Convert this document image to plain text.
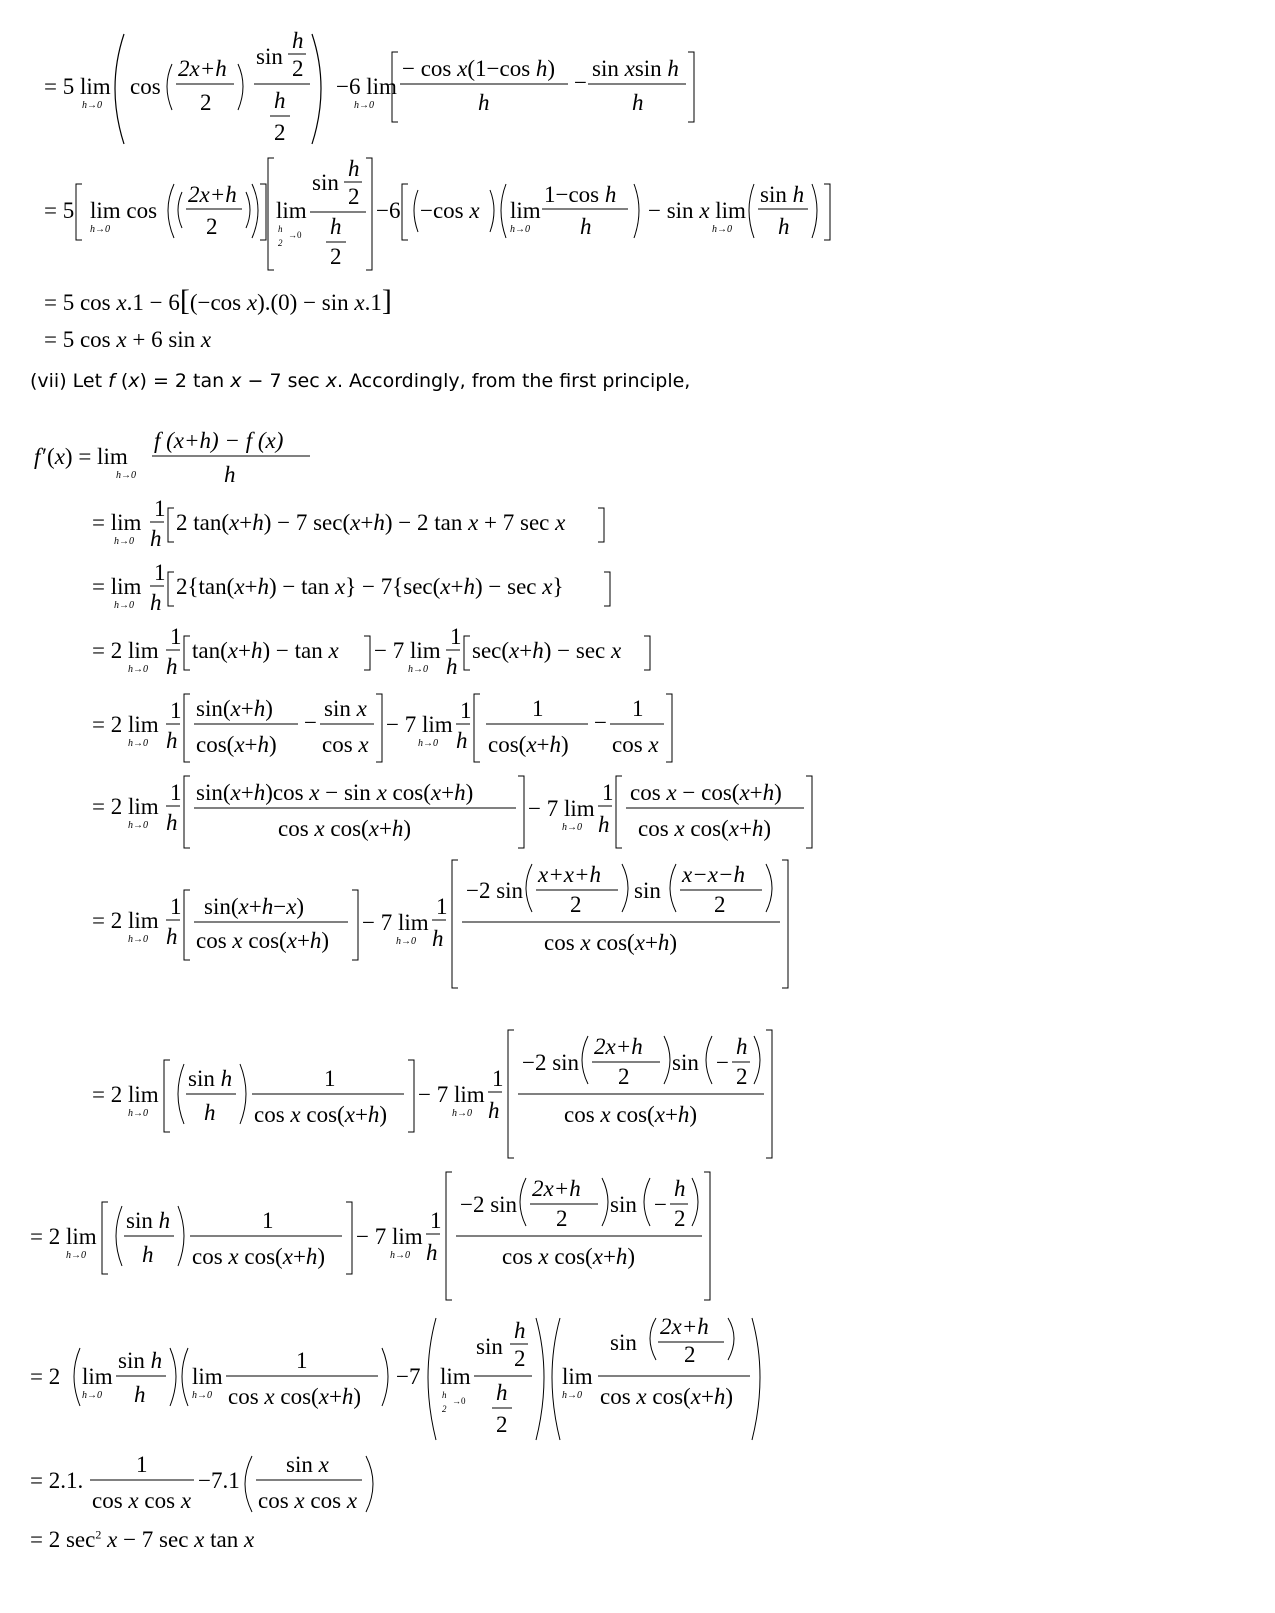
= 5 lim
h→0
cos
2x+h
2
sin
h
2
h
2
−6 lim
h→0
− cos x(1−cos h)
h
−
sin xsin h
h
= 5 lim cos
h→0
2x+h
2
lim
h
2
→0
sin
h
2
h
2
−6 −cos x lim
h→0
1−cos h
h
− sin x lim
h→0
sin h
h
= 5 cos x.1 − 6[(−cos x).(0) − sin x.1]
= 5 cos x + 6 sin x
(vii) Let f (x) = 2 tan x − 7 sec x. Accordingly, from the first principle,
f ′(x) = lim
h→0
f (x+h) − f (x)
h
= lim
h→0
1
h
2 tan(x+h) − 7 sec(x+h) − 2 tan x + 7 sec x
= lim
h→0
1
h
2{tan(x+h) − tan x} − 7{sec(x+h) − sec x}
= 2 lim
h→0
1
h
tan(x+h) − tan x − 7 lim
h→0
1
h
sec(x+h) − sec x
= 2 lim
h→0
1
h
sin(x+h)
cos(x+h)
−
sin x
cos x
− 7 lim
h→0
1
h
1
cos(x+h)
−
1
cos x
= 2 lim
h→0
1
h
sin(x+h)cos x − sin x cos(x+h)
cos x cos(x+h)
− 7 lim
h→0
1
h
cos x − cos(x+h)
cos x cos(x+h)
= 2 lim
h→0
1
h
sin(x+h−x)
cos x cos(x+h)
− 7 lim
h→0
1
h
−2 sin
x+x+h
2
sin
x−x−h
2
cos x cos(x+h)
= 2 lim
h→0
sin h
h
1
cos x cos(x+h)
− 7 lim
h→0
1
h
−2 sin
2x+h
2
sin −
h
2
cos x cos(x+h)
= 2 lim
h→0
sin h
h
1
cos x cos(x+h)
− 7 lim
h→0
1
h
−2 sin
2x+h
2
sin −
h
2
cos x cos(x+h)
= 2 lim
h→0
sin h
h
lim
h→0
1
cos x cos(x+h)
−7 lim
h
2
→0
sin
h
2
h
2
lim
h→0
sin
2x+h
2
cos x cos(x+h)
= 2.1.
1
cos x cos x
−7.1
sin x
cos x cos x
= 2 $\sec^2 x - 7$ sec x tan x
